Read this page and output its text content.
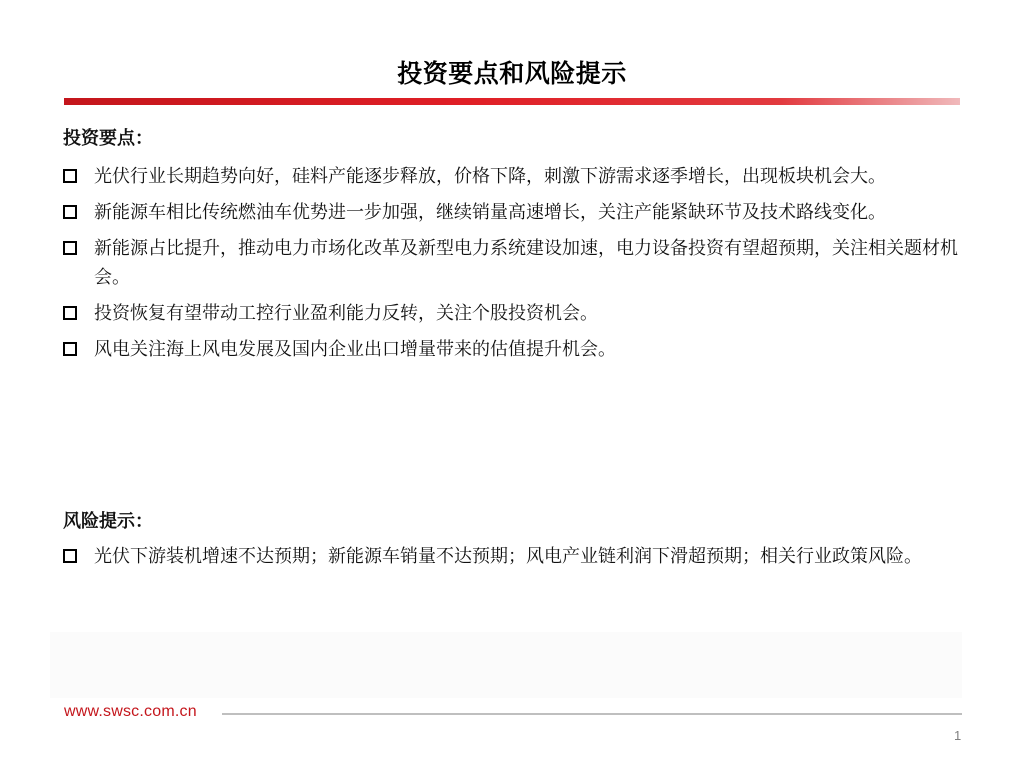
投资要点和风险提示
投资要点：
光伏行业长期趋势向好，硅料产能逐步释放，价格下降，刺激下游需求逐季增长，出现板块机会大。
新能源车相比传统燃油车优势进一步加强，继续销量高速增长，关注产能紧缺环节及技术路线变化。
新能源占比提升，推动电力市场化改革及新型电力系统建设加速，电力设备投资有望超预期，关注相关题材机会。
投资恢复有望带动工控行业盈利能力反转，关注个股投资机会。
风电关注海上风电发展及国内企业出口增量带来的估值提升机会。
风险提示：
光伏下游装机增速不达预期；新能源车销量不达预期；风电产业链利润下滑超预期；相关行业政策风险。
www.swsc.com.cn
1
